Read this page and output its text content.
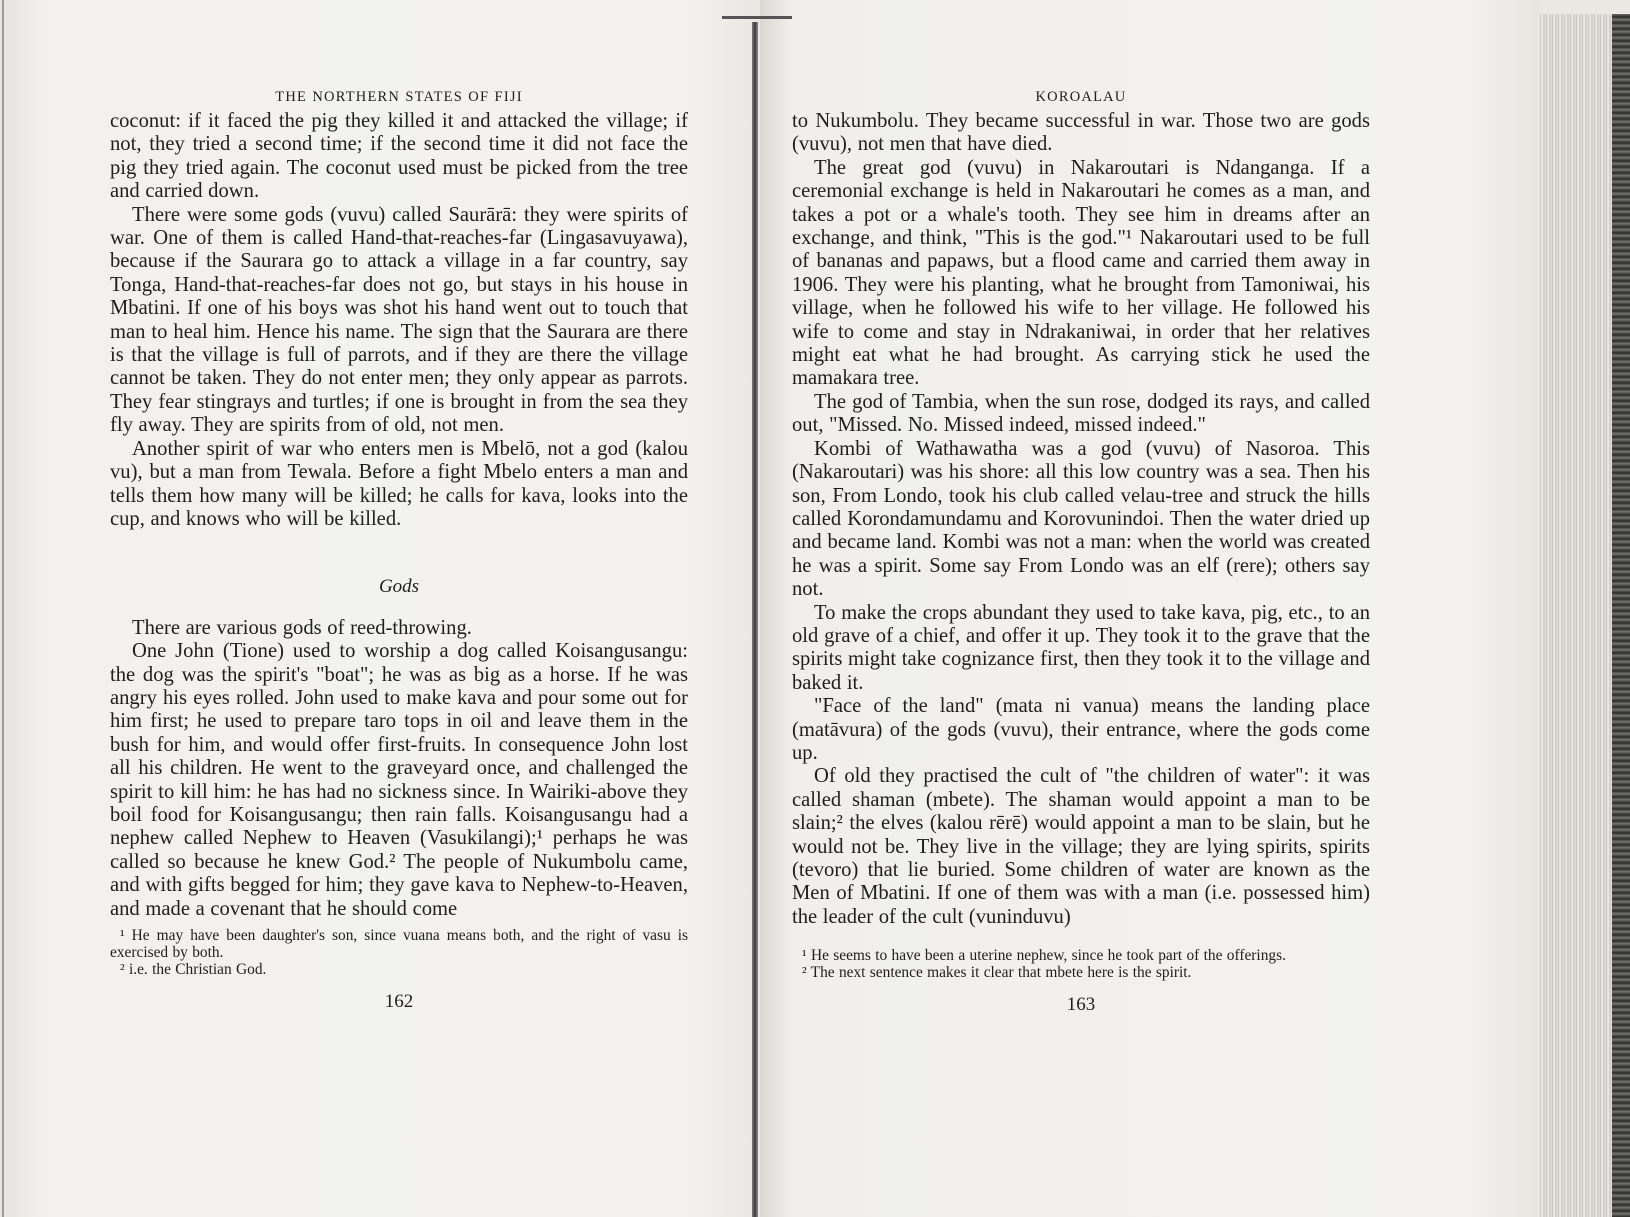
THE NORTHERN STATES OF FIJI

coconut: if it faced the pig they killed it and attacked the village; if not, they tried a second time; if the second time it did not face the pig they tried again. The coconut used must be picked from the tree and carried down.

There were some gods (vuvu) called Saurārā: they were spirits of war. One of them is called Hand-that-reaches-far (Lingasavuyawa), because if the Saurara go to attack a village in a far country, say Tonga, Hand-that-reaches-far does not go, but stays in his house in Mbatini. If one of his boys was shot his hand went out to touch that man to heal him. Hence his name. The sign that the Saurara are there is that the village is full of parrots, and if they are there the village cannot be taken. They do not enter men; they only appear as parrots. They fear stingrays and turtles; if one is brought in from the sea they fly away. They are spirits from of old, not men.

Another spirit of war who enters men is Mbelō, not a god (kalou vu), but a man from Tewala. Before a fight Mbelo enters a man and tells them how many will be killed; he calls for kava, looks into the cup, and knows who will be killed.

Gods

There are various gods of reed-throwing.

One John (Tione) used to worship a dog called Koisangusangu: the dog was the spirit's "boat"; he was as big as a horse. If he was angry his eyes rolled. John used to make kava and pour some out for him first; he used to prepare taro tops in oil and leave them in the bush for him, and would offer first-fruits. In consequence John lost all his children. He went to the graveyard once, and challenged the spirit to kill him: he has had no sickness since. In Wairiki-above they boil food for Koisangusangu; then rain falls. Koisangusangu had a nephew called Nephew to Heaven (Vasukilangi);¹ perhaps he was called so because he knew God.² The people of Nukumbolu came, and with gifts begged for him; they gave kava to Nephew-to-Heaven, and made a covenant that he should come

¹ He may have been daughter's son, since vuana means both, and the right of vasu is exercised by both.

² i.e. the Christian God.

162
KOROALAU

to Nukumbolu. They became successful in war. Those two are gods (vuvu), not men that have died.

The great god (vuvu) in Nakaroutari is Ndanganga. If a ceremonial exchange is held in Nakaroutari he comes as a man, and takes a pot or a whale's tooth. They see him in dreams after an exchange, and think, "This is the god."¹ Nakaroutari used to be full of bananas and papaws, but a flood came and carried them away in 1906. They were his planting, what he brought from Tamoniwai, his village, when he followed his wife to her village. He followed his wife to come and stay in Ndrakaniwai, in order that her relatives might eat what he had brought. As carrying stick he used the mamakara tree.

The god of Tambia, when the sun rose, dodged its rays, and called out, "Missed. No. Missed indeed, missed indeed."

Kombi of Wathawatha was a god (vuvu) of Nasoroa. This (Nakaroutari) was his shore: all this low country was a sea. Then his son, From Londo, took his club called velau-tree and struck the hills called Korondamundamu and Korovunindoi. Then the water dried up and became land. Kombi was not a man: when the world was created he was a spirit. Some say From Londo was an elf (rere); others say not.

To make the crops abundant they used to take kava, pig, etc., to an old grave of a chief, and offer it up. They took it to the grave that the spirits might take cognizance first, then they took it to the village and baked it.

"Face of the land" (mata ni vanua) means the landing place (matāvura) of the gods (vuvu), their entrance, where the gods come up.

Of old they practised the cult of "the children of water": it was called shaman (mbete). The shaman would appoint a man to be slain;² the elves (kalou rērē) would appoint a man to be slain, but he would not be. They live in the village; they are lying spirits, spirits (tevoro) that lie buried. Some children of water are known as the Men of Mbatini. If one of them was with a man (i.e. possessed him) the leader of the cult (vuninduvu)

¹ He seems to have been a uterine nephew, since he took part of the offerings.

² The next sentence makes it clear that mbete here is the spirit.

163
